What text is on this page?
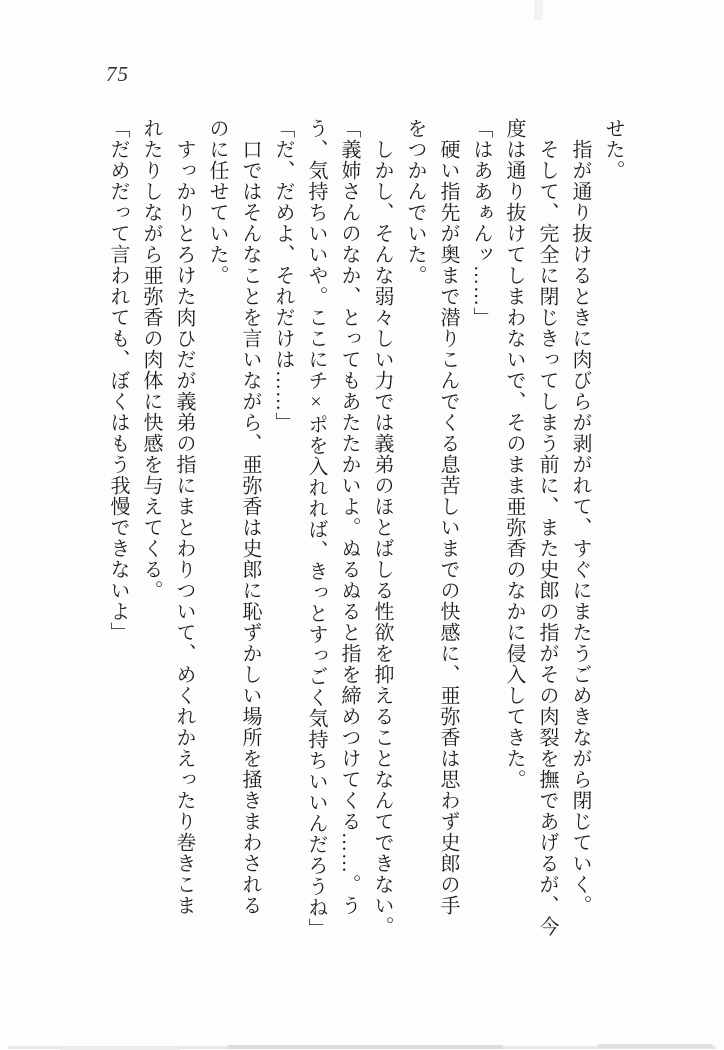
75
せた。
指が通り抜けるときに肉びらが剥がれて、すぐにまたうごめきながら閉じていく。
そして、完全に閉じきってしまう前に、また史郎の指がその肉裂を撫であげるが、今
度は通り抜けてしまわないで、そのまま亜弥香のなかに侵入してきた。
「はああぁんッ……」
硬い指先が奥まで潜りこんでくる息苦しいまでの快感に、亜弥香は思わず史郎の手
をつかんでいた。
しかし、そんな弱々しい力では義弟のほとばしる性欲を抑えることなんてできない。
「義姉さんのなか、とってもあたたかいよ。ぬるぬると指を締めつけてくる……。う
う、気持ちいいや。ここにチ×ポを入れれば、きっとすっごく気持ちいいんだろうね」
「だ、だめよ、それだけは……」
口ではそんなことを言いながら、亜弥香は史郎に恥ずかしい場所を掻きまわされる
のに任せていた。
すっかりとろけた肉ひだが義弟の指にまとわりついて、めくれかえったり巻きこま
れたりしながら亜弥香の肉体に快感を与えてくる。
「だめだって言われても、ぼくはもう我慢できないよ」
